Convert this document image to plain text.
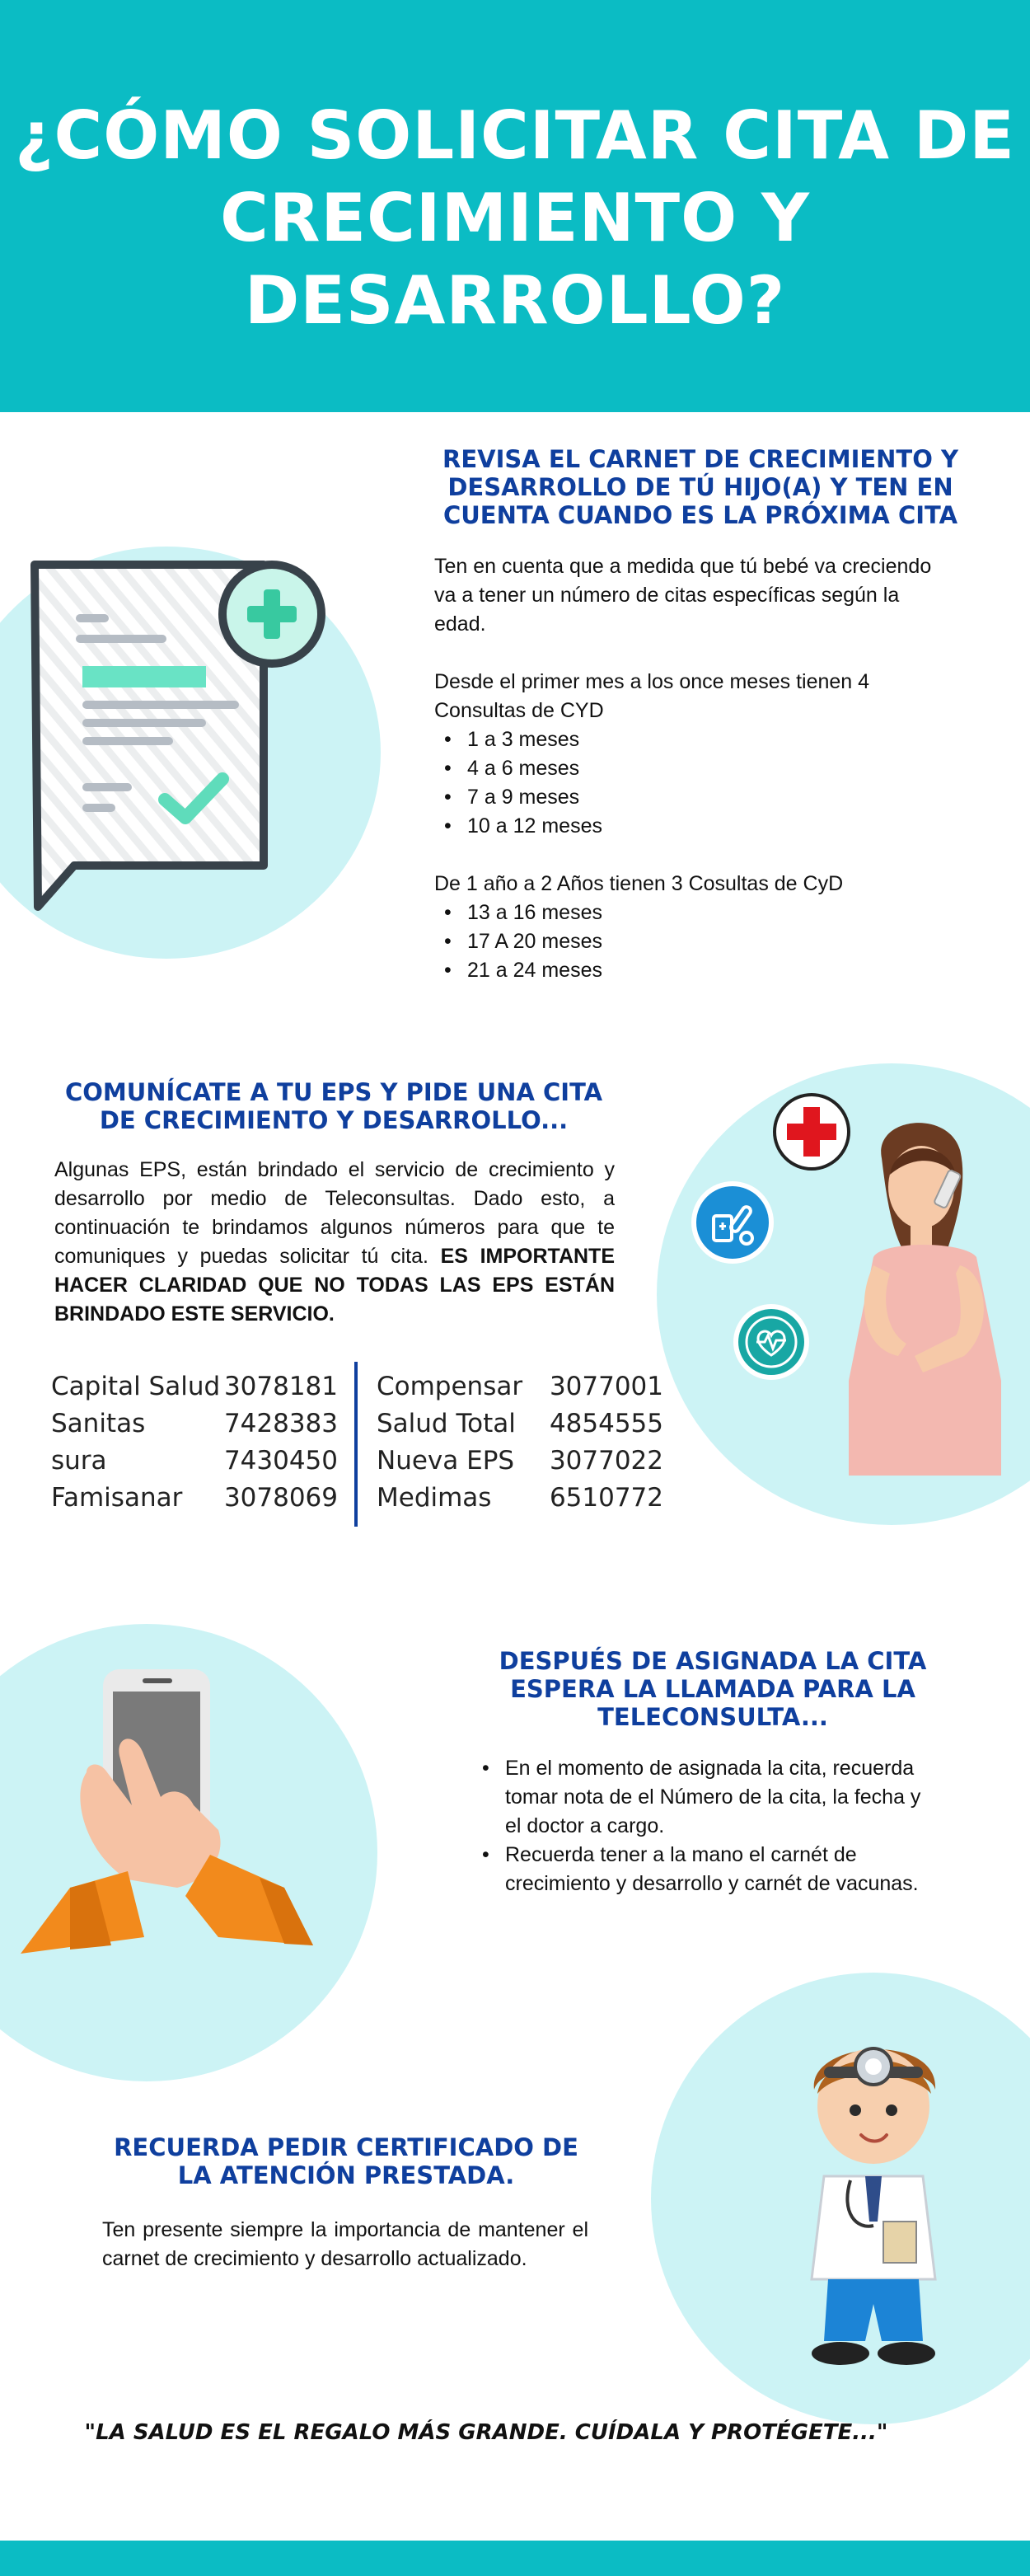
¿CÓMO SOLICITAR CITA DE CRECIMIENTO Y DESARROLLO?
REVISA EL CARNET DE CRECIMIENTO Y DESARROLLO DE TÚ HIJO(A) Y TEN EN CUENTA CUANDO ES LA PRÓXIMA CITA

Ten en cuenta que a medida que tú bebé va creciendo va a tener un número de citas específicas según la edad.

Desde el primer mes a los once meses tienen 4 Consultas de CYD

• 1 a 3 meses
• 4 a 6 meses
• 7 a 9 meses
• 10 a 12 meses

De 1 año a 2 Años tienen 3 Cosultas de CyD

• 13 a 16 meses
• 17 A 20 meses
• 21 a 24 meses
COMUNÍCATE A TU EPS Y PIDE UNA CITA DE CRECIMIENTO Y DESARROLLO...
Algunas EPS, están brindado el servicio de crecimiento y desarrollo por medio de Teleconsultas. Dado esto, a continuación te brindamos algunos números para que te comuniques y puedas solicitar tú cita. ES IMPORTANTE HACER CLARIDAD QUE NO TODAS LAS EPS ESTÁN BRINDADO ESTE SERVICIO.
Capital Salud 3078181
Sanitas	7428383
sura	7430450
Famisanar 3078069
Compensar 3077001
Salud Total 4854555
Nueva EPS 3077022
Medimas 6510772
DESPUÉS DE ASIGNADA LA CITA ESPERA LA LLAMADA PARA LA TELECONSULTA...
• En el momento de asignada la cita, recuerda tomar nota de el Número de la cita, la fecha y el doctor a cargo.
• Recuerda tener a la mano el carnét de crecimiento y desarrollo y carnét de vacunas.
RECUERDA PEDIR CERTIFICADO DE LA ATENCIÓN PRESTADA.
Ten presente siempre la importancia de mantener el carnet de crecimiento y desarrollo actualizado.
"LA SALUD ES EL REGALO MÁS GRANDE. CUÍDALA Y PROTÉGETE..."
